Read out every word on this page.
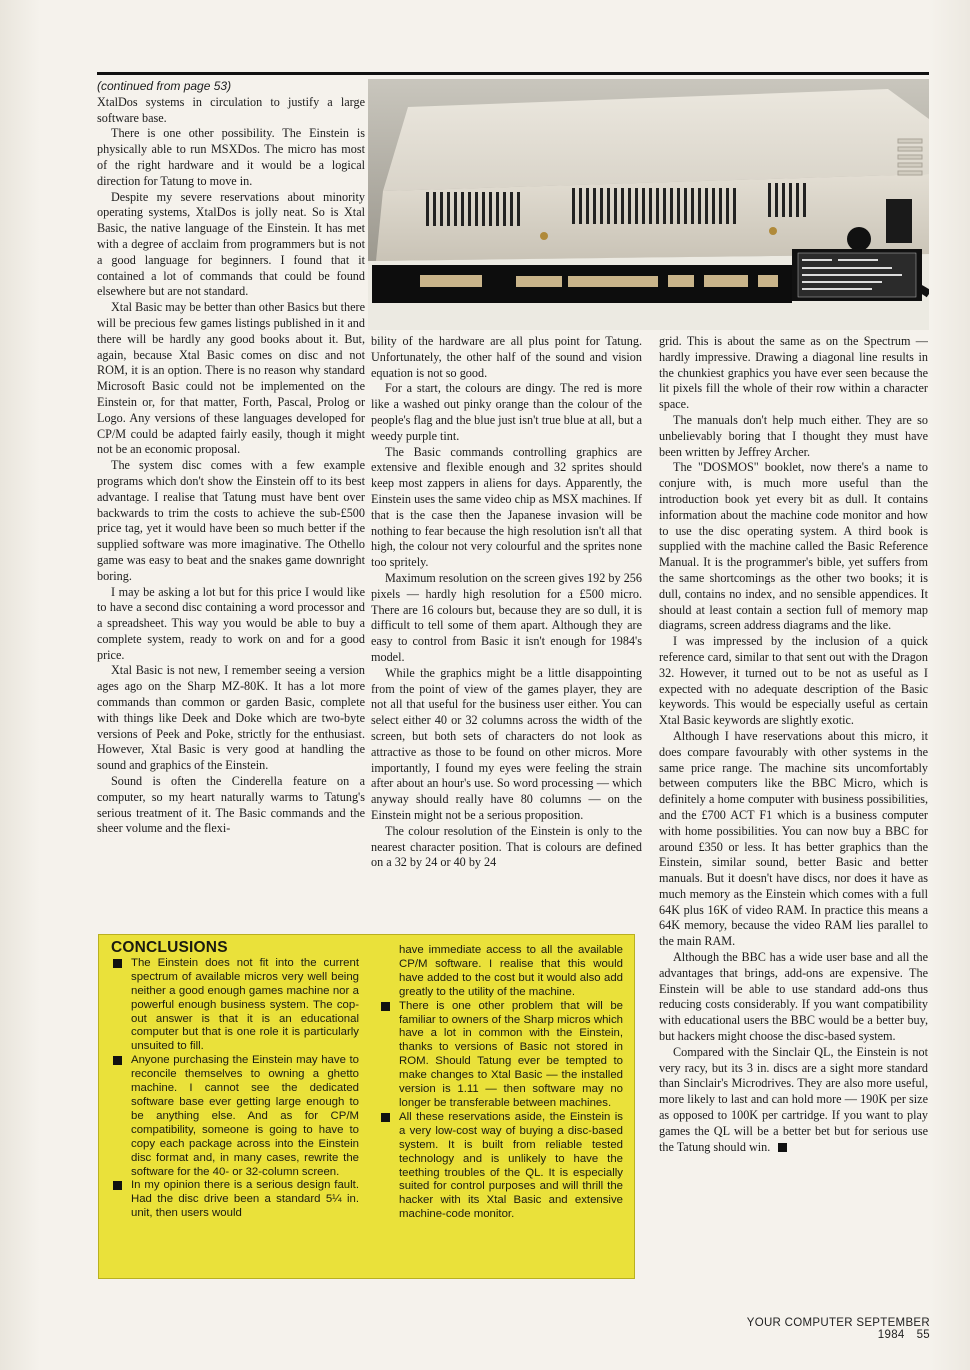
(continued from page 53)

XtalDos systems in circulation to justify a large software base.

There is one other possibility. The Einstein is physically able to run MSXDos. The micro has most of the right hardware and it would be a logical direction for Tatung to move in.

Despite my severe reservations about minority operating systems, XtalDos is jolly neat. So is Xtal Basic, the native language of the Einstein. It has met with a degree of acclaim from programmers but is not a good language for beginners. I found that it contained a lot of commands that could be found elsewhere but are not standard.

Xtal Basic may be better than other Basics but there will be precious few games listings published in it and there will be hardly any good books about it. But, again, because Xtal Basic comes on disc and not ROM, it is an option. There is no reason why standard Microsoft Basic could not be implemented on the Einstein or, for that matter, Forth, Pascal, Prolog or Logo. Any versions of these languages developed for CP/M could be adapted fairly easily, though it might not be an economic proposal.

The system disc comes with a few example programs which don't show the Einstein off to its best advantage. I realise that Tatung must have bent over backwards to trim the costs to achieve the sub-£500 price tag, yet it would have been so much better if the supplied software was more imaginative. The Othello game was easy to beat and the snakes game downright boring.

I may be asking a lot but for this price I would like to have a second disc containing a word processor and a spreadsheet. This way you would be able to buy a complete system, ready to work on and for a good price.

Xtal Basic is not new, I remember seeing a version ages ago on the Sharp MZ-80K. It has a lot more commands than common or garden Basic, complete with things like Deek and Doke which are two-byte versions of Peek and Poke, strictly for the enthusiast. However, Xtal Basic is very good at handling the sound and graphics of the Einstein.

Sound is often the Cinderella feature on a computer, so my heart naturally warms to Tatung's serious treatment of it. The Basic commands and the sheer volume and the flexi-

bility of the hardware are all plus point for Tatung. Unfortunately, the other half of the sound and vision equation is not so good.

For a start, the colours are dingy. The red is more like a washed out pinky orange than the colour of the people's flag and the blue just isn't true blue at all, but a weedy purple tint.

The Basic commands controlling graphics are extensive and flexible enough and 32 sprites should keep most zappers in aliens for days. Apparently, the Einstein uses the same video chip as MSX machines. If that is the case then the Japanese invasion will be nothing to fear because the high resolution isn't all that high, the colour not very colourful and the sprites none too spritely.

Maximum resolution on the screen gives 192 by 256 pixels — hardly high resolution for a £500 micro. There are 16 colours but, because they are so dull, it is difficult to tell some of them apart. Although they are easy to control from Basic it isn't enough for 1984's model.

While the graphics might be a little disappointing from the point of view of the games player, they are not all that useful for the business user either. You can select either 40 or 32 columns across the width of the screen, but both sets of characters do not look as attractive as those to be found on other micros. More importantly, I found my eyes were feeling the strain after about an hour's use. So word processing — which anyway should really have 80 columns — on the Einstein might not be a serious proposition.

The colour resolution of the Einstein is only to the nearest character position. That is colours are defined on a 32 by 24 or 40 by 24

grid. This is about the same as on the Spectrum — hardly impressive. Drawing a diagonal line results in the chunkiest graphics you have ever seen because the lit pixels fill the whole of their row within a character space.

The manuals don't help much either. They are so unbelievably boring that I thought they must have been written by Jeffrey Archer.

The "DOSMOS" booklet, now there's a name to conjure with, is much more useful than the introduction book yet every bit as dull. It contains information about the machine code monitor and how to use the disc operating system. A third book is supplied with the machine called the Basic Reference Manual. It is the programmer's bible, yet suffers from the same shortcomings as the other two books; it is dull, contains no index, and no sensible appendices. It should at least contain a section full of memory map diagrams, screen address diagrams and the like.

I was impressed by the inclusion of a quick reference card, similar to that sent out with the Dragon 32. However, it turned out to be not as useful as I expected with no adequate description of the Basic keywords. This would be especially useful as certain Xtal Basic keywords are slightly exotic.

Although I have reservations about this micro, it does compare favourably with other systems in the same price range. The machine sits uncomfortably between computers like the BBC Micro, which is definitely a home computer with business possibilities, and the £700 ACT F1 which is a business computer with home possibilities. You can now buy a BBC for around £350 or less. It has better graphics than the Einstein, similar sound, better Basic and better manuals. But it doesn't have discs, nor does it have as much memory as the Einstein which comes with a full 64K plus 16K of video RAM. In practice this means a 64K memory, because the video RAM lies parallel to the main RAM.

Although the BBC has a wide user base and all the advantages that brings, add-ons are expensive. The Einstein will be able to use standard add-ons thus reducing costs considerably. If you want compatibility with educational users the BBC would be a better buy, but hackers might choose the disc-based system.

Compared with the Sinclair QL, the Einstein is not very racy, but its 3 in. discs are a sight more standard than Sinclair's Microdrives. They are also more useful, more likely to last and can hold more — 190K per size as opposed to 100K per cartridge. If you want to play games the QL will be a better bet but for serious use the Tatung should win.

CONCLUSIONS

The Einstein does not fit into the current spectrum of available micros very well being neither a good enough games machine nor a powerful enough business system. The cop-out answer is that it is an educational computer but that is one role it is particularly unsuited to fill.

Anyone purchasing the Einstein may have to reconcile themselves to owning a ghetto machine. I cannot see the dedicated software base ever getting large enough to be anything else. And as for CP/M compatibility, someone is going to have to copy each package across into the Einstein disc format and, in many cases, rewrite the software for the 40- or 32-column screen.

In my opinion there is a serious design fault. Had the disc drive been a standard 5¼ in. unit, then users would

have immediate access to all the available CP/M software. I realise that this would have added to the cost but it would also add greatly to the utility of the machine.

There is one other problem that will be familiar to owners of the Sharp micros which have a lot in common with the Einstein, thanks to versions of Basic not stored in ROM. Should Tatung ever be tempted to make changes to Xtal Basic — the installed version is 1.11 — then software may no longer be transferable between machines.

All these reservations aside, the Einstein is a very low-cost way of buying a disc-based system. It is built from reliable tested technology and is unlikely to have the teething troubles of the QL. It is especially suited for control purposes and will thrill the hacker with its Xtal Basic and extensive machine-code monitor.

YOUR COMPUTER SEPTEMBER 1984 55
